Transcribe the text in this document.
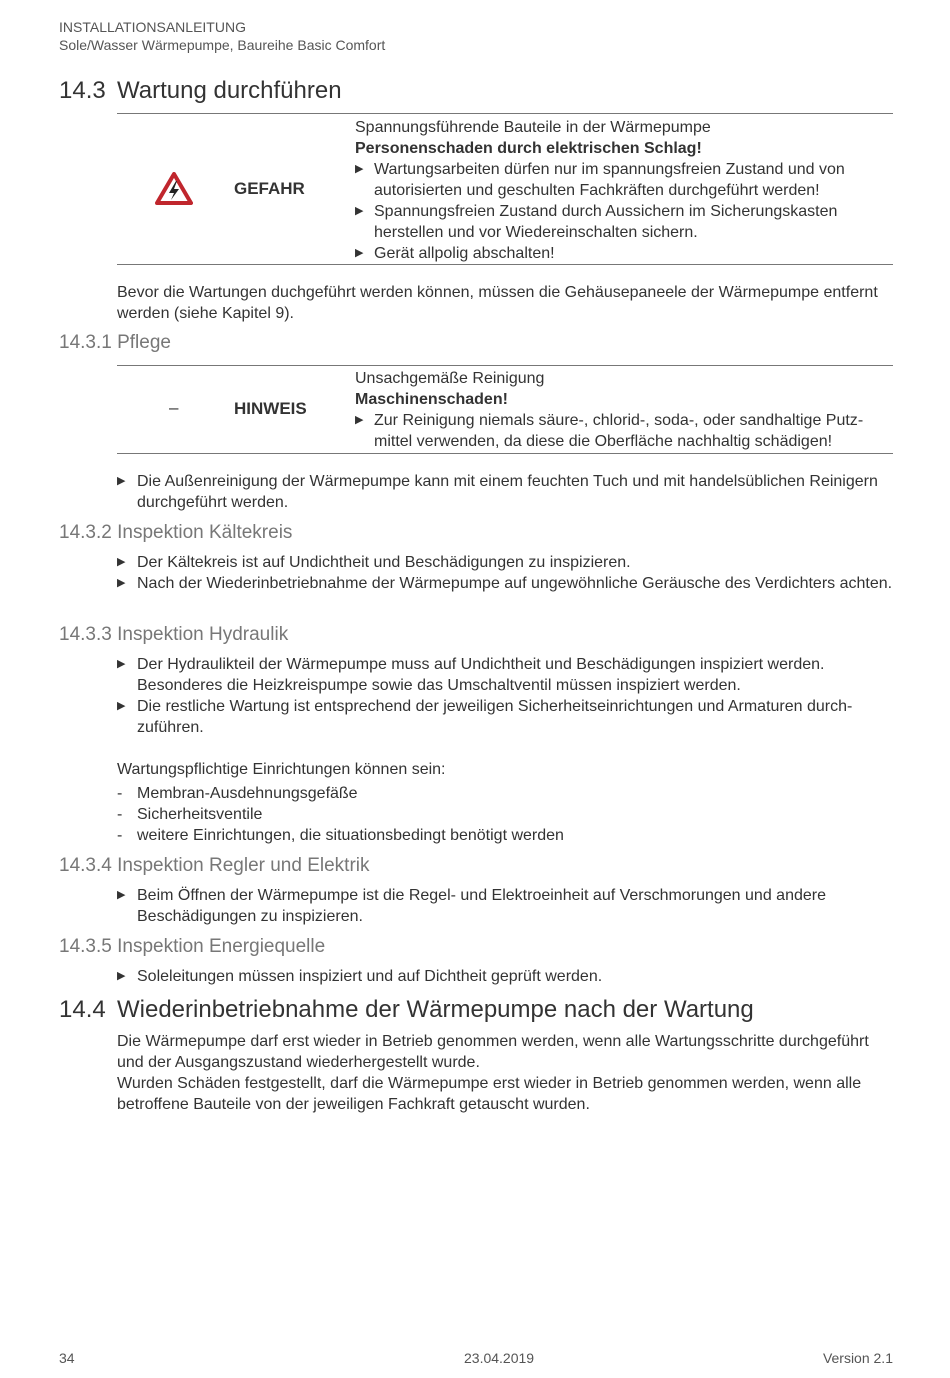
INSTALLATIONSANLEITUNG
Sole/Wasser Wärmepumpe, Baureihe Basic Comfort
14.3 Wartung durchführen
GEFAHR
Spannungsführende Bauteile in der Wärmepumpe
Personenschaden durch elektrischen Schlag!
▶ Wartungsarbeiten dürfen nur im spannungsfreien Zustand und von autorisierten und geschulten Fachkräften durchgeführt werden!
▶ Spannungsfreien Zustand durch Aussichern im Sicherungskasten herstellen und vor Wiedereinschalten sichern.
▶ Gerät allpolig abschalten!
Bevor die Wartungen duchgeführt werden können, müssen die Gehäusepaneele der Wärmepumpe entfernt werden (siehe Kapitel 9).
14.3.1 Pflege
–	HINWEIS
Unsachgemäße Reinigung
Maschinenschaden!
▶ Zur Reinigung niemals säure-, chlorid-, soda-, oder sandhaltige Putzmittel verwenden, da diese die Oberfläche nachhaltig schädigen!
▶ Die Außenreinigung der Wärmepumpe kann mit einem feuchten Tuch und mit handelsüblichen Reinigern durchgeführt werden.
14.3.2 Inspektion Kältekreis
▶ Der Kältekreis ist auf Undichtheit und Beschädigungen zu inspizieren.
▶ Nach der Wiederinbetriebnahme der Wärmepumpe auf ungewöhnliche Geräusche des Verdichters achten.
14.3.3 Inspektion Hydraulik
▶ Der Hydraulikteil der Wärmepumpe muss auf Undichtheit und Beschädigungen inspiziert werden. Besonderes die Heizkreispumpe sowie das Umschaltventil müssen inspiziert werden.
▶ Die restliche Wartung ist entsprechend der jeweiligen Sicherheitseinrichtungen und Armaturen durchzuführen.
Wartungspflichtige Einrichtungen können sein:
- Membran-Ausdehnungsgefäße
- Sicherheitsventile
- weitere Einrichtungen, die situationsbedingt benötigt werden
14.3.4 Inspektion Regler und Elektrik
▶ Beim Öffnen der Wärmepumpe ist die Regel- und Elektroeinheit auf Verschmorungen und andere Beschädigungen zu inspizieren.
14.3.5 Inspektion Energiequelle
▶ Soleleitungen müssen inspiziert und auf Dichtheit geprüft werden.
14.4 Wiederinbetriebnahme der Wärmepumpe nach der Wartung
Die Wärmepumpe darf erst wieder in Betrieb genommen werden, wenn alle Wartungsschritte durchgeführt und der Ausgangszustand wiederhergestellt wurde.
Wurden Schäden festgestellt, darf die Wärmepumpe erst wieder in Betrieb genommen werden, wenn alle betroffene Bauteile von der jeweiligen Fachkraft getauscht wurden.
34	23.04.2019	Version 2.1
